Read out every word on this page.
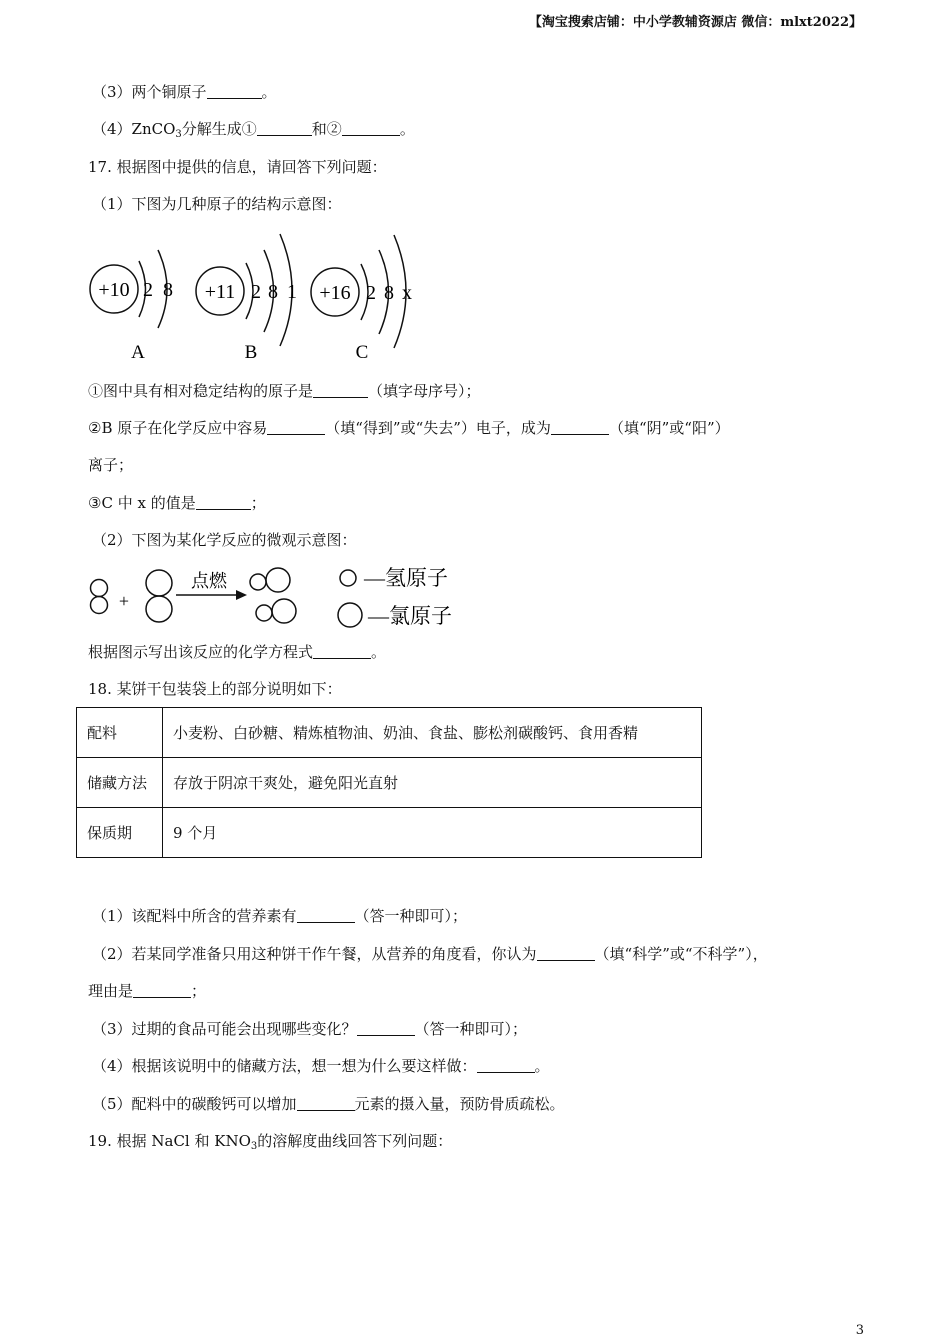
【淘宝搜索店铺：中小学教辅资源店 微信：mlxt2022】
（3）两个铜原子	。
（4）ZnCO$_3$分解生成①	和②	。
17. 根据图中提供的信息，请回答下列问题：
（1）下图为几种原子的结构示意图：
+10 2 8
A
+11 2 8 1
B
+16 2 8 x
C
①图中具有相对稳定结构的原子是	（填字母序号）；
②B 原子在化学反应中容易	（填“得到”或“失去”）电子，成为	（填“阴”或“阳”）
离子；
③C 中 x 的值是	；
（2）下图为某化学反应的微观示意图：
+
点燃	—氢原子
—氯原子
根据图示写出该反应的化学方程式	。
18. 某饼干包装袋上的部分说明如下：
配料	小麦粉、白砂糖、精炼植物油、奶油、食盐、膨松剂碳酸钙、食用香精
储藏方法	存放于阴凉干爽处，避免阳光直射
保质期	9 个月
（1）该配料中所含的营养素有	（答一种即可）；
（2）若某同学准备只用这种饼干作午餐，从营养的角度看，你认为	（填“科学”或“不科学”），
理由是	；
（3）过期的食品可能会出现哪些变化？	（答一种即可）；
（4）根据该说明中的储藏方法，想一想为什么要这样做：	。
（5）配料中的碳酸钙可以增加	元素的摄入量，预防骨质疏松。
19. 根据 NaCl 和 $KNO_3$的溶解度曲线回答下列问题：
3
